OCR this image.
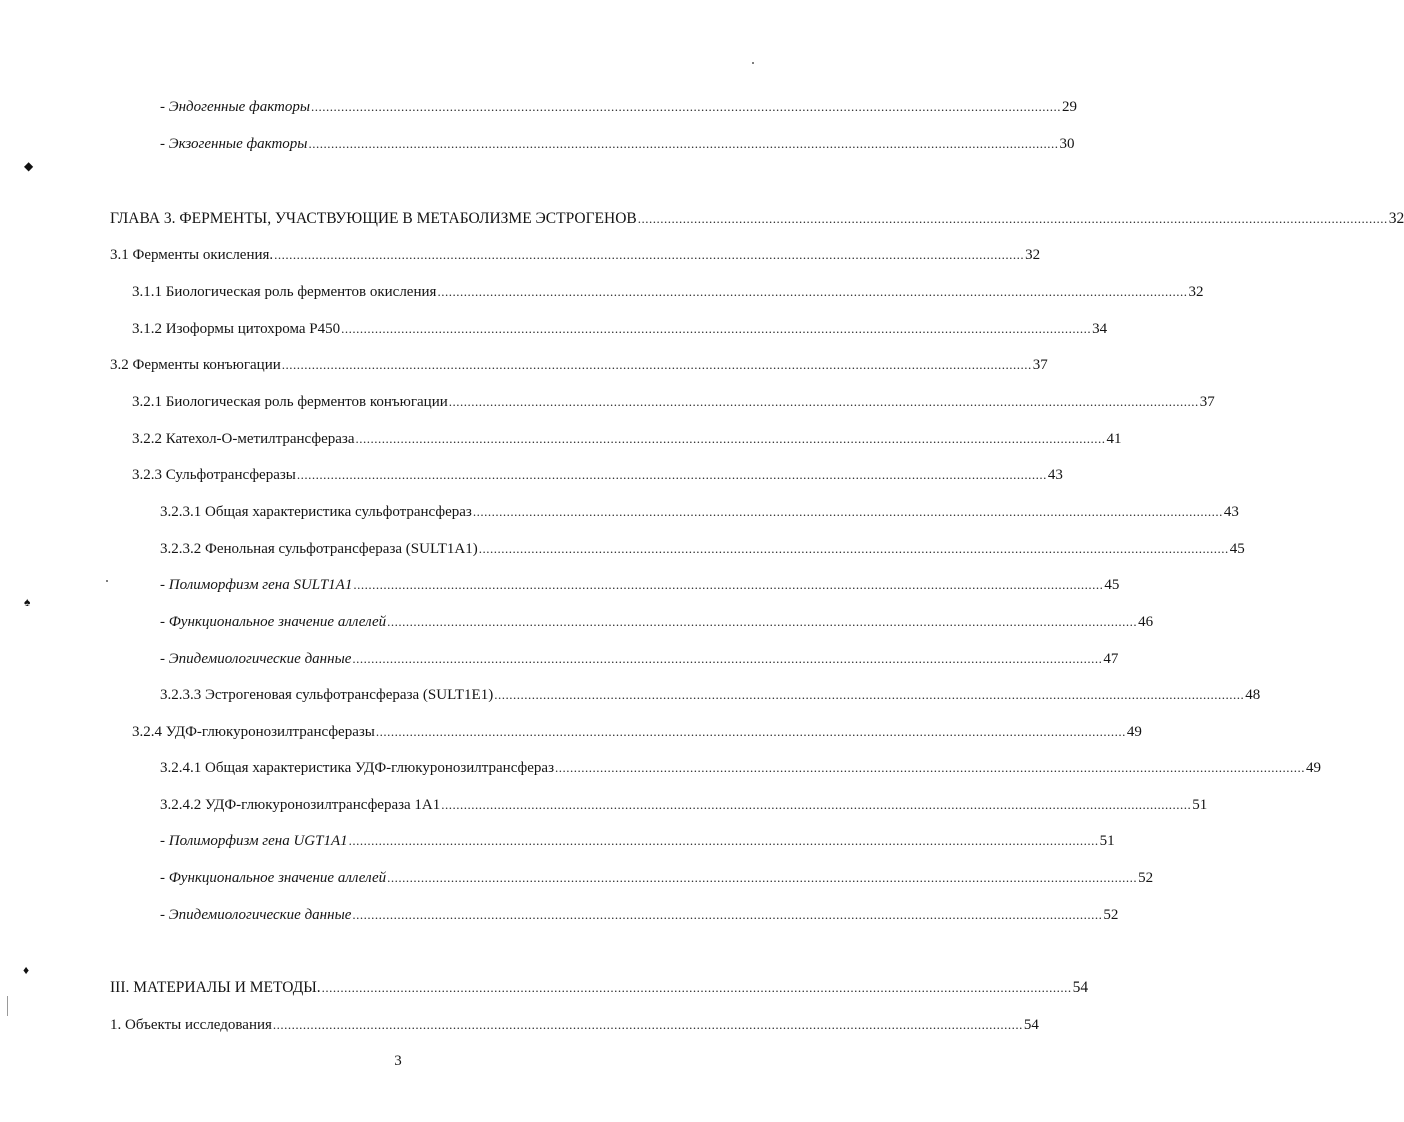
- Эндогенные факторы ........................................................................................................................................................................................................ 29
- Экзогенные факторы ........................................................................................................................................................................................................ 30
ГЛАВА 3. ФЕРМЕНТЫ, УЧАСТВУЮЩИЕ В МЕТАБОЛИЗМЕ ЭСТРОГЕНОВ ........................................................................................................................................................................................................ 32
3.1 Ферменты окисления. ........................................................................................................................................................................................................ 32
3.1.1 Биологическая роль ферментов окисления ........................................................................................................................................................................................................ 32
3.1.2 Изоформы цитохрома P450 ........................................................................................................................................................................................................ 34
3.2 Ферменты конъюгации ........................................................................................................................................................................................................ 37
3.2.1 Биологическая роль ферментов конъюгации ........................................................................................................................................................................................................ 37
3.2.2 Катехол-О-метилтрансфераза ........................................................................................................................................................................................................ 41
3.2.3 Сульфотрансферазы ........................................................................................................................................................................................................ 43
3.2.3.1 Общая характеристика сульфотрансфераз ........................................................................................................................................................................................................ 43
3.2.3.2 Фенольная сульфотрансфераза (SULT1A1) ........................................................................................................................................................................................................ 45
- Полиморфизм гена SULT1A1 ........................................................................................................................................................................................................ 45
- Функциональное значение аллелей ........................................................................................................................................................................................................ 46
- Эпидемиологические данные ........................................................................................................................................................................................................ 47
3.2.3.3 Эстрогеновая сульфотрансфераза (SULT1E1) ........................................................................................................................................................................................................ 48
3.2.4 УДФ-глюкуронозилтрансферазы ........................................................................................................................................................................................................ 49
3.2.4.1 Общая характеристика УДФ-глюкуронозилтрансфераз ........................................................................................................................................................................................................ 49
3.2.4.2 УДФ-глюкуронозилтрансфераза 1A1 ........................................................................................................................................................................................................ 51
- Полиморфизм гена UGT1A1 ........................................................................................................................................................................................................ 51
- Функциональное значение аллелей ........................................................................................................................................................................................................ 52
- Эпидемиологические данные ........................................................................................................................................................................................................ 52
III. МАТЕРИАЛЫ И МЕТОДЫ. ........................................................................................................................................................................................................ 54
1. Объекты исследования ........................................................................................................................................................................................................ 54
3
◆
♠
♦
